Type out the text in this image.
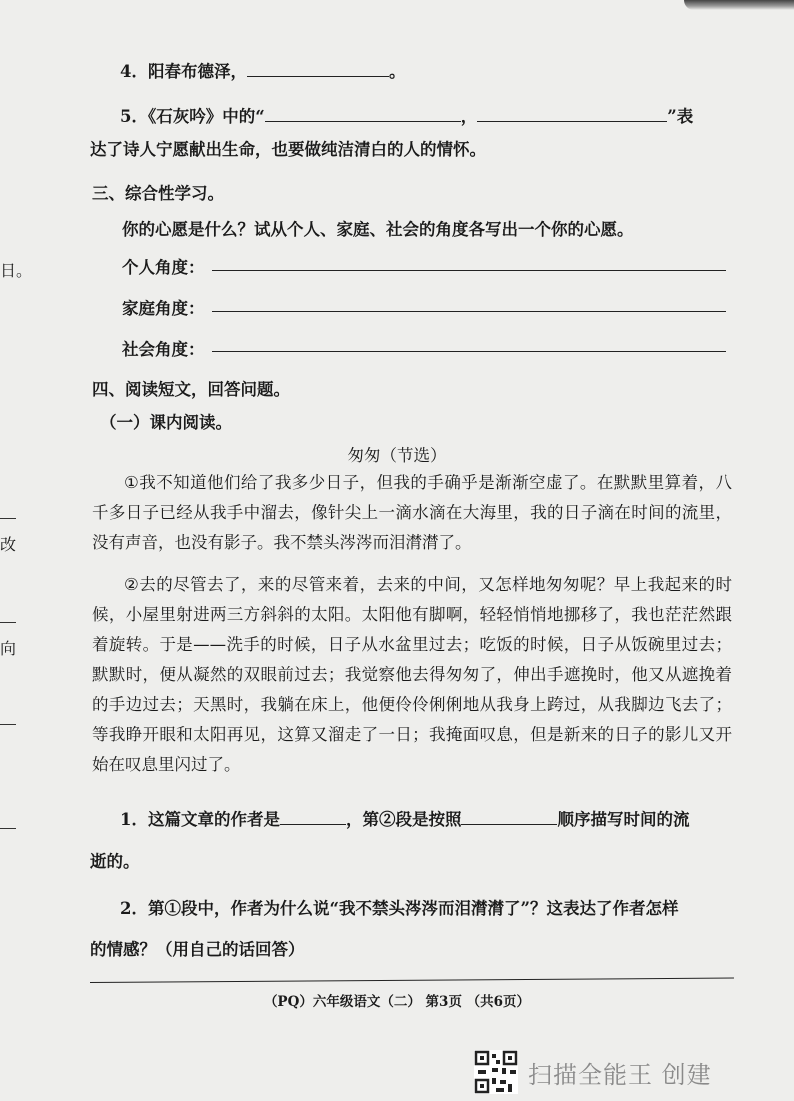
日。
改
向
4．阳春布德泽，	。
5．《石灰吟》中的“	，	”表
达了诗人宁愿献出生命，也要做纯洁清白的人的情怀。
三、综合性学习。
你的心愿是什么？试从个人、家庭、社会的角度各写出一个你的心愿。
个人角度：
家庭角度：
社会角度：
四、阅读短文，回答问题。
（一）课内阅读。
匆匆（节选）
①我不知道他们给了我多少日子，但我的手确乎是渐渐空虚了。在默默里算着，八千多日子已经从我手中溜去，像针尖上一滴水滴在大海里，我的日子滴在时间的流里，没有声音，也没有影子。我不禁头涔涔而泪潸潸了。
②去的尽管去了，来的尽管来着，去来的中间，又怎样地匆匆呢？早上我起来的时候，小屋里射进两三方斜斜的太阳。太阳他有脚啊，轻轻悄悄地挪移了，我也茫茫然跟着旋转。于是——洗手的时候，日子从水盆里过去；吃饭的时候，日子从饭碗里过去；默默时，便从凝然的双眼前过去；我觉察他去得匆匆了，伸出手遮挽时，他又从遮挽着的手边过去；天黑时，我躺在床上，他便伶伶俐俐地从我身上跨过，从我脚边飞去了；等我睁开眼和太阳再见，这算又溜走了一日；我掩面叹息，但是新来的日子的影儿又开始在叹息里闪过了。
1．这篇文章的作者是	，第②段是按照	顺序描写时间的流
逝的。
2．第①段中，作者为什么说“我不禁头涔涔而泪潸潸了”？这表达了作者怎样
的情感？（用自己的话回答）
（PQ）六年级语文（二） 第3页 （共6页）
扫描全能王 创建
